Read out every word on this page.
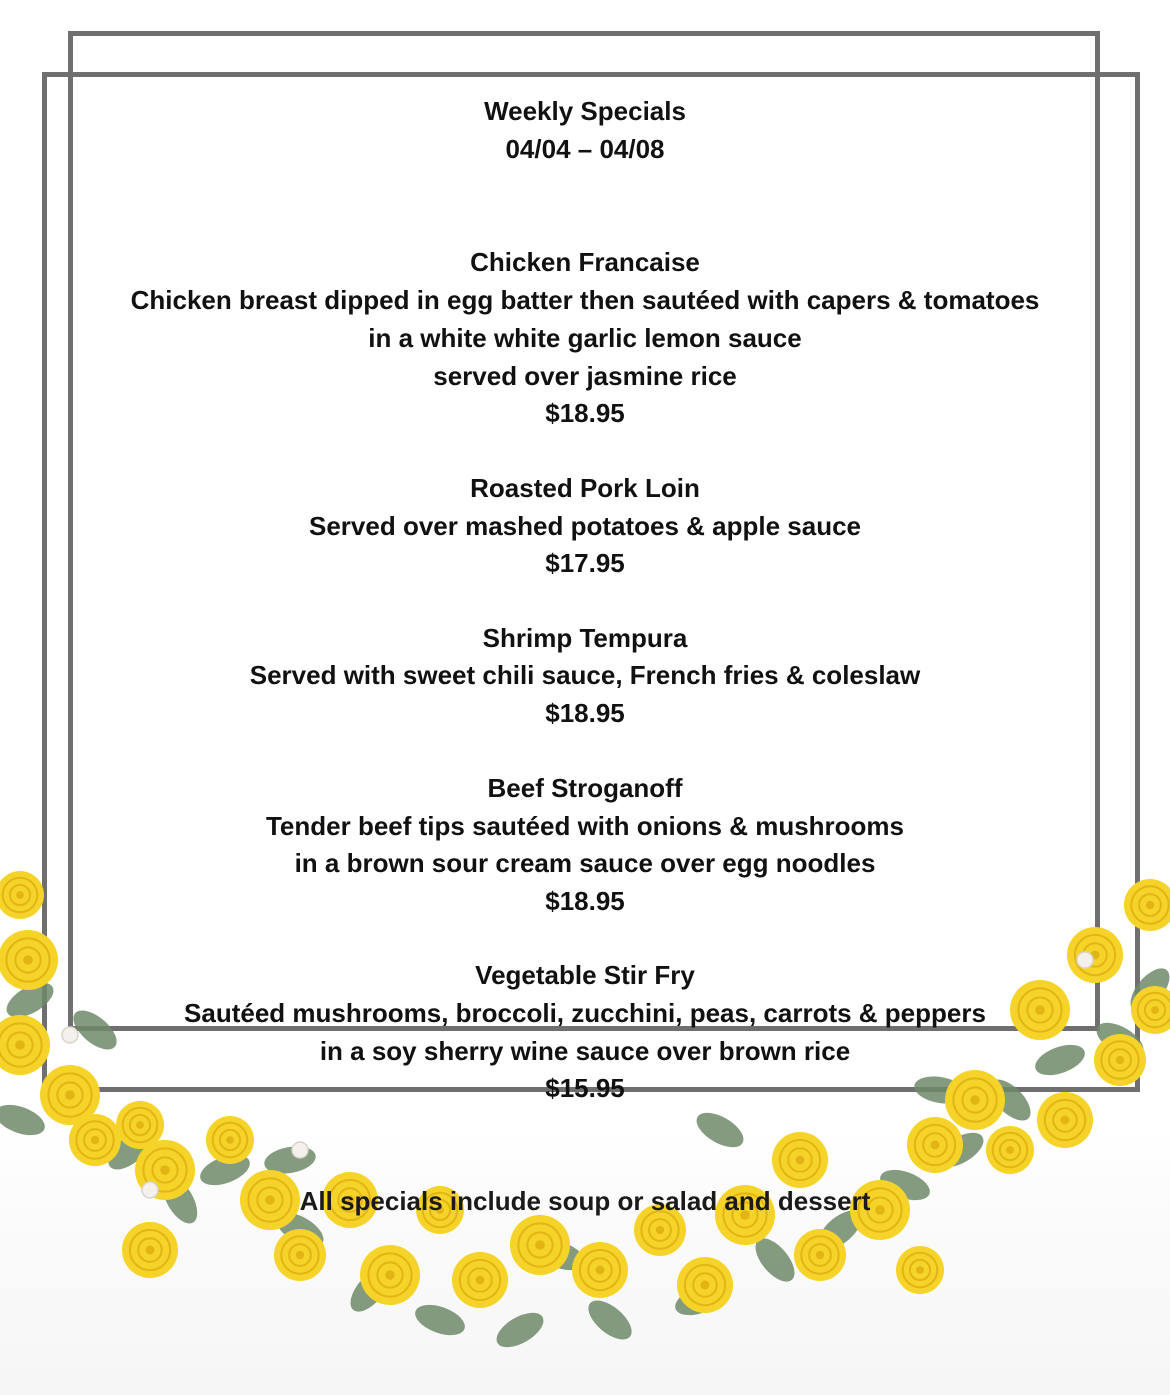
Weekly Specials
04/04 – 04/08
Chicken Francaise
Chicken breast dipped in egg batter then sautéed with capers & tomatoes
in a white white garlic lemon sauce
served over jasmine rice
$18.95
Roasted Pork Loin
Served over mashed potatoes & apple sauce
$17.95
Shrimp Tempura
Served with sweet chili sauce, French fries & coleslaw
$18.95
Beef Stroganoff
Tender beef tips sautéed with onions & mushrooms
in a brown sour cream sauce over egg noodles
$18.95
Vegetable Stir Fry
Sautéed mushrooms, broccoli, zucchini, peas, carrots & peppers
in a soy sherry wine sauce over brown rice
$15.95
All specials include soup or salad and dessert
